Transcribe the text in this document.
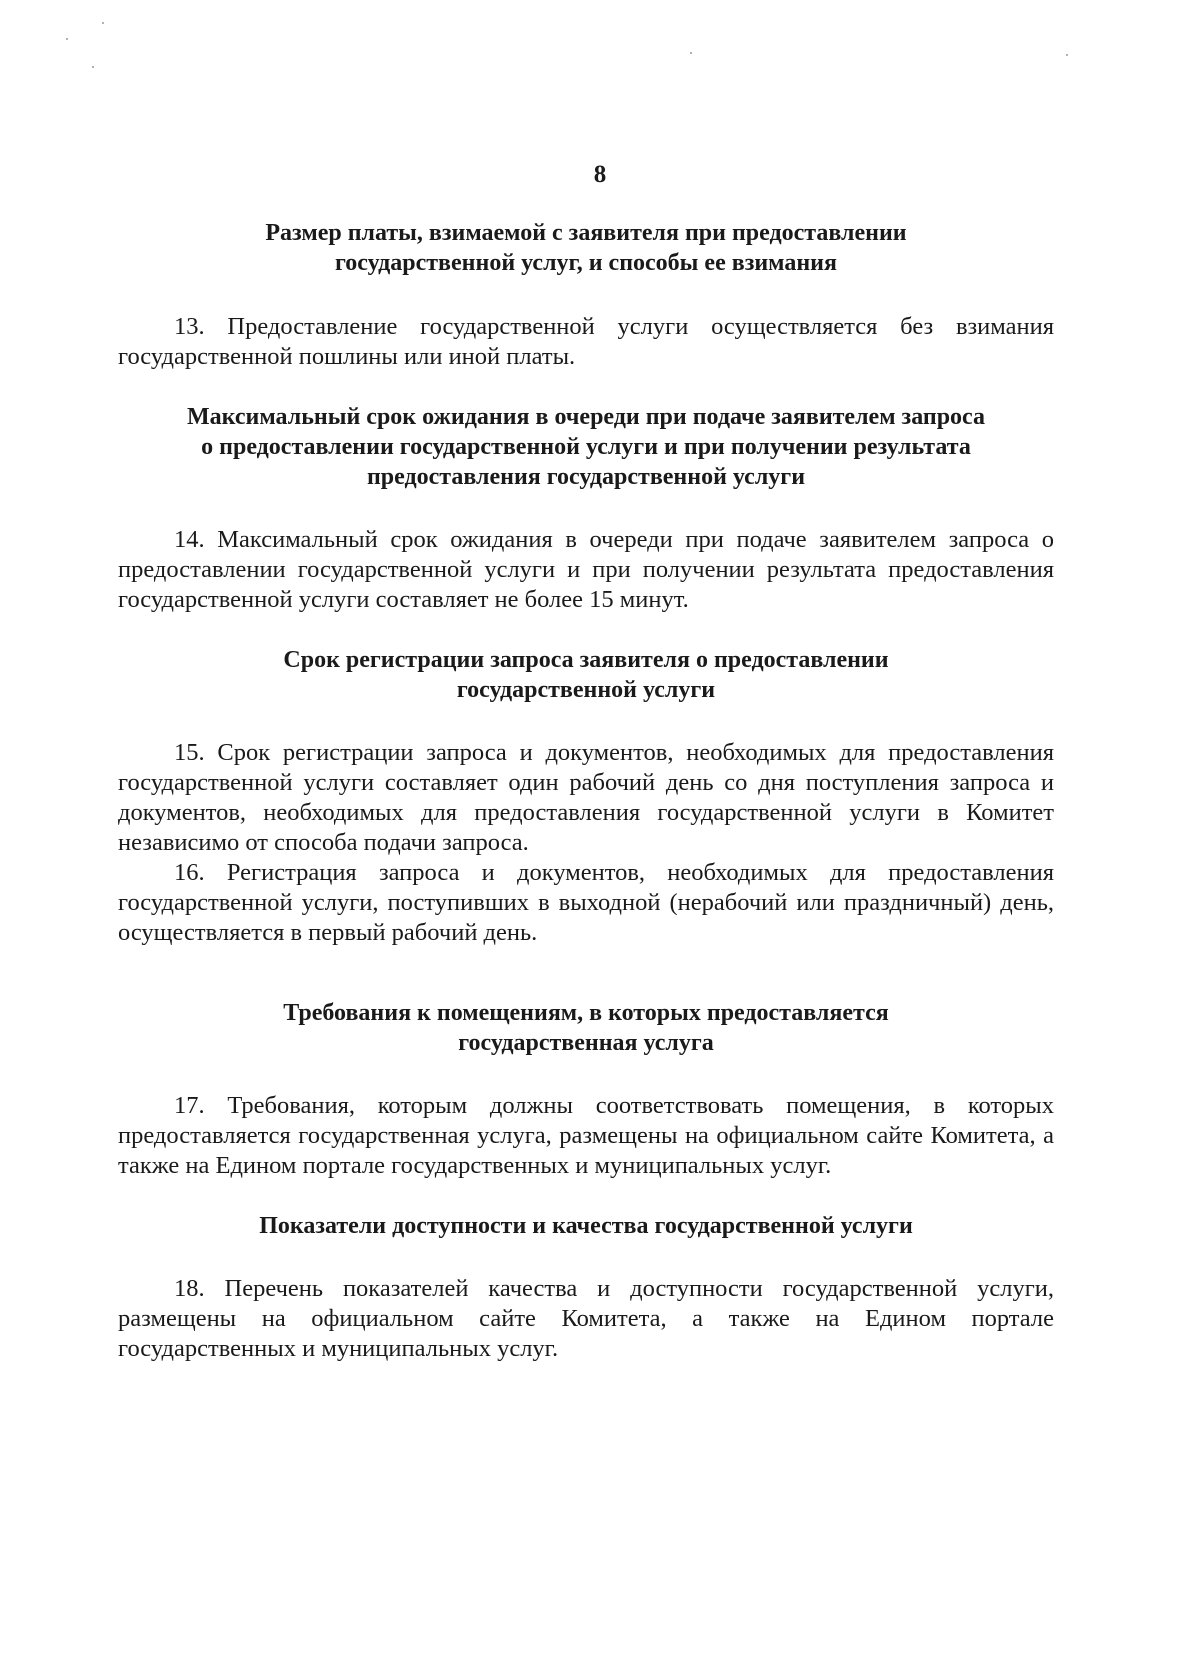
8
Размер платы, взимаемой с заявителя при предоставлении
государственной услуг, и способы ее взимания

13. Предоставление государственной услуги осуществляется без взимания государственной пошлины или иной платы.

Максимальный срок ожидания в очереди при подаче заявителем запроса
о предоставлении государственной услуги и при получении результата
предоставления государственной услуги

14. Максимальный срок ожидания в очереди при подаче заявителем запроса о предоставлении государственной услуги и при получении результата предоставления государственной услуги составляет не более 15 минут.

Срок регистрации запроса заявителя о предоставлении
государственной услуги

15. Срок регистрации запроса и документов, необходимых для предоставления государственной услуги составляет один рабочий день со дня поступления запроса и документов, необходимых для предоставления государственной услуги в Комитет независимо от способа подачи запроса.

16. Регистрация запроса и документов, необходимых для предоставления государственной услуги, поступивших в выходной (нерабочий или праздничный) день, осуществляется в первый рабочий день.

Требования к помещениям, в которых предоставляется
государственная услуга

17. Требования, которым должны соответствовать помещения, в которых предоставляется государственная услуга, размещены на официальном сайте Комитета, а также на Едином портале государственных и муниципальных услуг.

Показатели доступности и качества государственной услуги

18. Перечень показателей качества и доступности государственной услуги, размещены на официальном сайте Комитета, а также на Едином портале государственных и муниципальных услуг.
